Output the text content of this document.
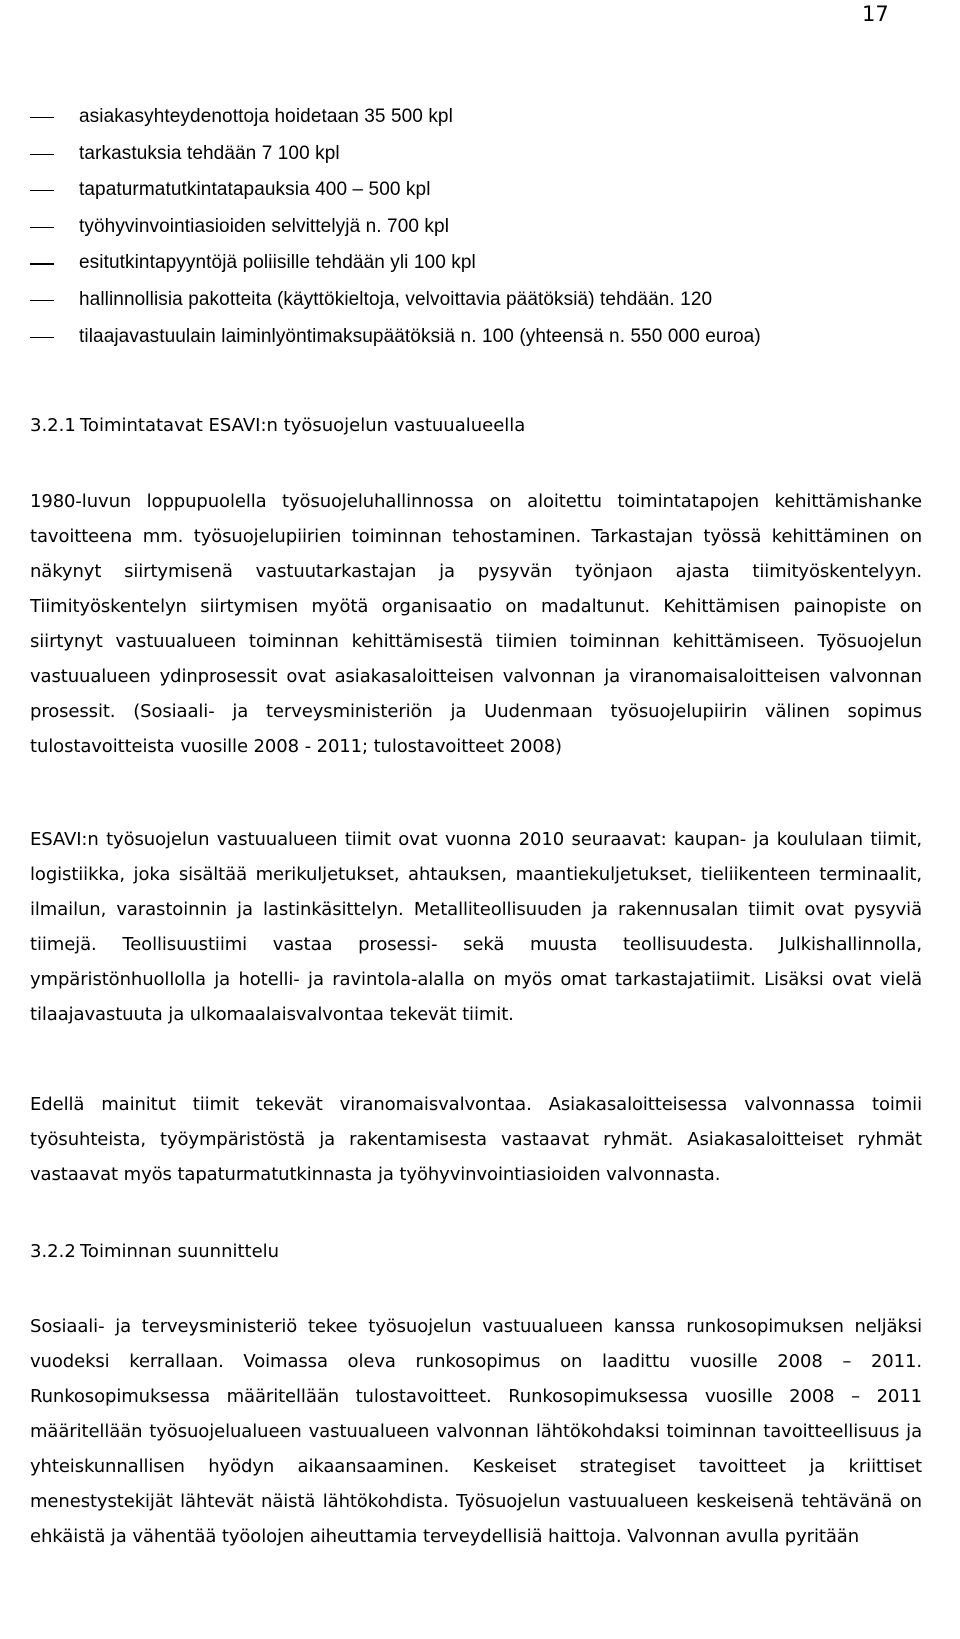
17
asiakasyhteydenottoja hoidetaan 35 500 kpl
tarkastuksia tehdään 7 100 kpl
tapaturmatutkintatapauksia 400 – 500 kpl
työhyvinvointiasioiden selvittelyjä n. 700 kpl
esitutkintapyyntöjä poliisille tehdään yli 100 kpl
hallinnollisia pakotteita (käyttökieltoja, velvoittavia päätöksiä) tehdään. 120
tilaajavastuulain laiminlyöntimaksupäätöksiä n. 100 (yhteensä n. 550 000 euroa)
3.2.1 Toimintatavat ESAVI:n työsuojelun vastuualueella

1980-luvun loppupuolella työsuojeluhallinnossa on aloitettu toimintatapojen kehittämishanke tavoitteena mm. työsuojelupiirien toiminnan tehostaminen. Tarkastajan työssä kehittäminen on näkynyt siirtymisenä vastuutarkastajan ja pysyvän työnjaon ajasta tiimityöskentelyyn. Tiimityöskentelyn siirtymisen myötä organisaatio on madaltunut. Kehittämisen painopiste on siirtynyt vastuualueen toiminnan kehittämisestä tiimien toiminnan kehittämiseen. Työsuojelun vastuualueen ydinprosessit ovat asiakasaloitteisen valvonnan ja viranomaisaloitteisen valvonnan prosessit. (Sosiaali- ja terveysministeriön ja Uudenmaan työsuojelupiirin välinen sopimus tulostavoitteista vuosille 2008 - 2011; tulostavoitteet 2008)

ESAVI:n työsuojelun vastuualueen tiimit ovat vuonna 2010 seuraavat: kaupan- ja koululaan tiimit, logistiikka, joka sisältää merikuljetukset, ahtauksen, maantiekuljetukset, tieliikenteen terminaalit, ilmailun, varastoinnin ja lastinkäsittelyn. Metalliteollisuuden ja rakennusalan tiimit ovat pysyviä tiimejä. Teollisuustiimi vastaa prosessi- sekä muusta teollisuudesta. Julkishallinnolla, ympäristönhuollolla ja hotelli- ja ravintola-alalla on myös omat tarkastajatiimit. Lisäksi ovat vielä tilaajavastuuta ja ulkomaalaisvalvontaa tekevät tiimit.

Edellä mainitut tiimit tekevät viranomaisvalvontaa. Asiakasaloitteisessa valvonnassa toimii työsuhteista, työympäristöstä ja rakentamisesta vastaavat ryhmät. Asiakasaloitteiset ryhmät vastaavat myös tapaturmatutkinnasta ja työhyvinvointiasioiden valvonnasta.

3.2.2 Toiminnan suunnittelu

Sosiaali- ja terveysministeriö tekee työsuojelun vastuualueen kanssa runkosopimuksen neljäksi vuodeksi kerrallaan. Voimassa oleva runkosopimus on laadittu vuosille 2008 – 2011. Runkosopimuksessa määritellään tulostavoitteet. Runkosopimuksessa vuosille 2008 – 2011 määritellään työsuojelualueen vastuualueen valvonnan lähtökohdaksi toiminnan tavoitteellisuus ja yhteiskunnallisen hyödyn aikaansaaminen. Keskeiset strategiset tavoitteet ja kriittiset menestystekijät lähtevät näistä lähtökohdista. Työsuojelun vastuualueen keskeisenä tehtävänä on ehkäistä ja vähentää työolojen aiheuttamia terveydellisiä haittoja. Valvonnan avulla pyritään
